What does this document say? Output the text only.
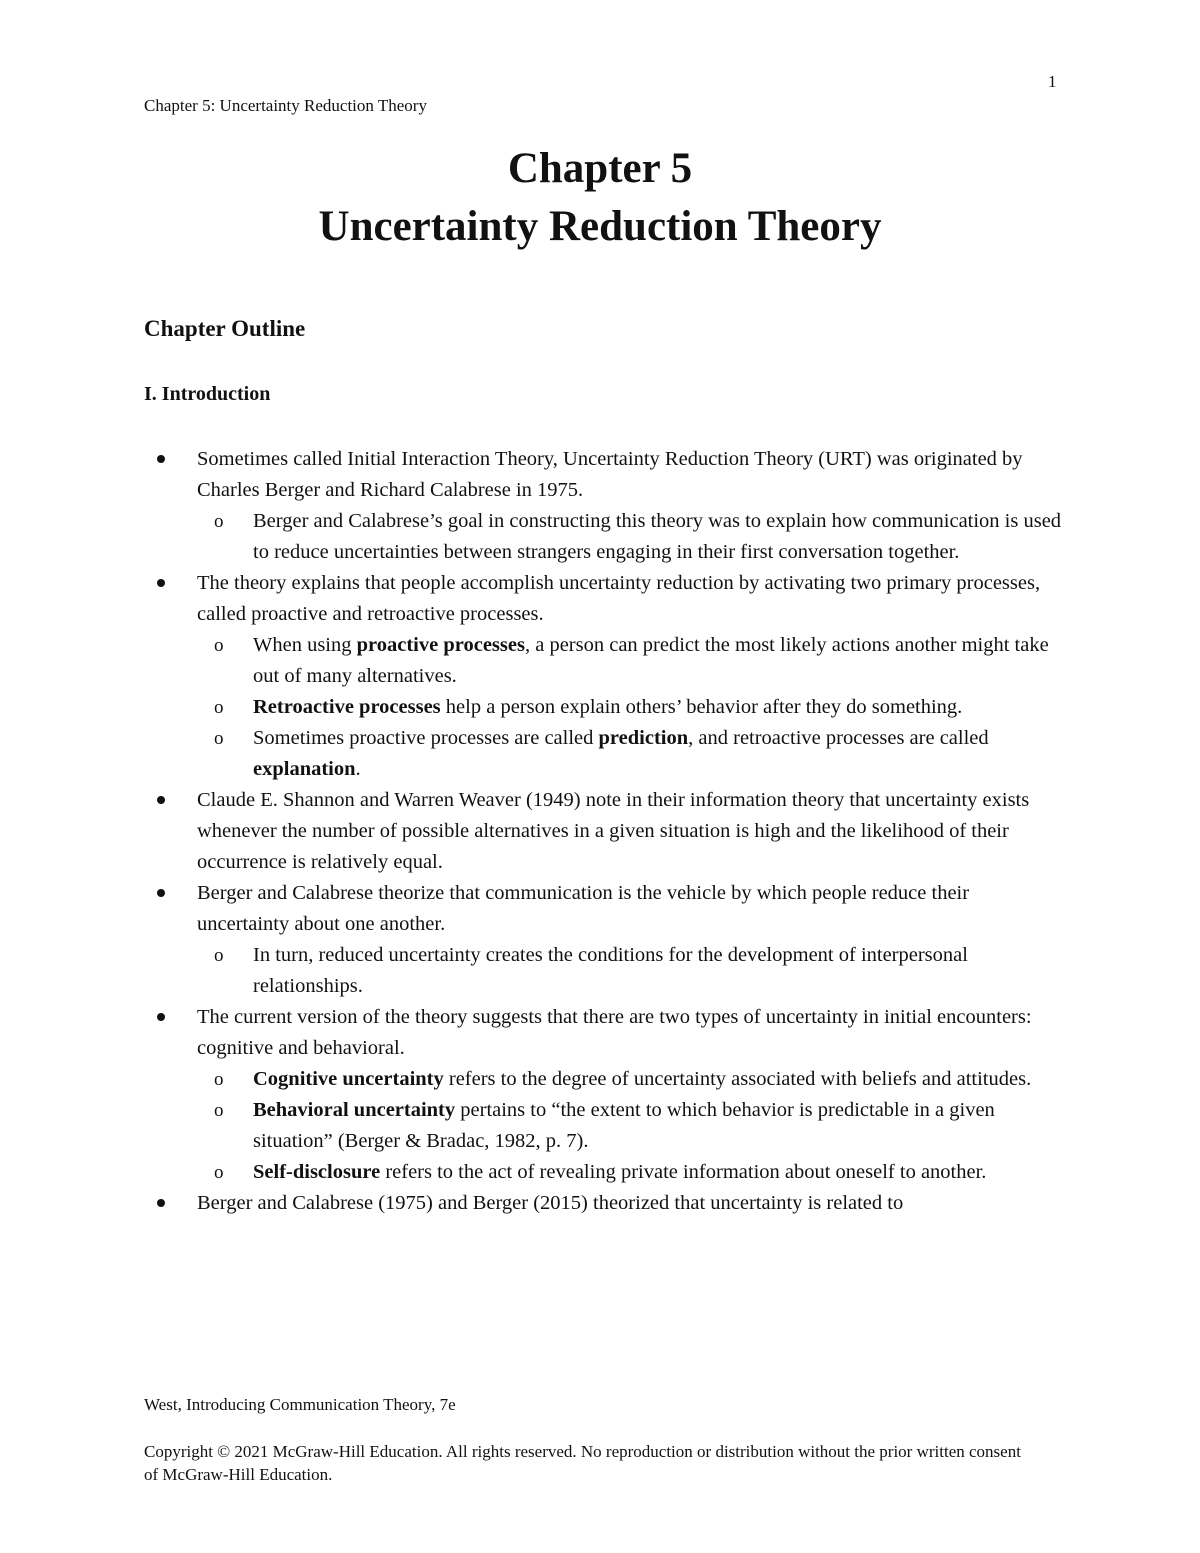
1
Chapter 5: Uncertainty Reduction Theory
Chapter 5
Uncertainty Reduction Theory
Chapter Outline
I. Introduction
Sometimes called Initial Interaction Theory, Uncertainty Reduction Theory (URT) was originated by Charles Berger and Richard Calabrese in 1975.
o Berger and Calabrese’s goal in constructing this theory was to explain how communication is used to reduce uncertainties between strangers engaging in their first conversation together.
The theory explains that people accomplish uncertainty reduction by activating two primary processes, called proactive and retroactive processes.
o When using proactive processes, a person can predict the most likely actions another might take out of many alternatives.
o Retroactive processes help a person explain others’ behavior after they do something.
o Sometimes proactive processes are called prediction, and retroactive processes are called explanation.
Claude E. Shannon and Warren Weaver (1949) note in their information theory that uncertainty exists whenever the number of possible alternatives in a given situation is high and the likelihood of their occurrence is relatively equal.
Berger and Calabrese theorize that communication is the vehicle by which people reduce their uncertainty about one another.
o In turn, reduced uncertainty creates the conditions for the development of interpersonal relationships.
The current version of the theory suggests that there are two types of uncertainty in initial encounters: cognitive and behavioral.
o Cognitive uncertainty refers to the degree of uncertainty associated with beliefs and attitudes.
o Behavioral uncertainty pertains to “the extent to which behavior is predictable in a given situation” (Berger & Bradac, 1982, p. 7).
o Self-disclosure refers to the act of revealing private information about oneself to another.
Berger and Calabrese (1975) and Berger (2015) theorized that uncertainty is related to
West, Introducing Communication Theory, 7e
Copyright © 2021 McGraw-Hill Education. All rights reserved. No reproduction or distribution without the prior written consent of McGraw-Hill Education.
